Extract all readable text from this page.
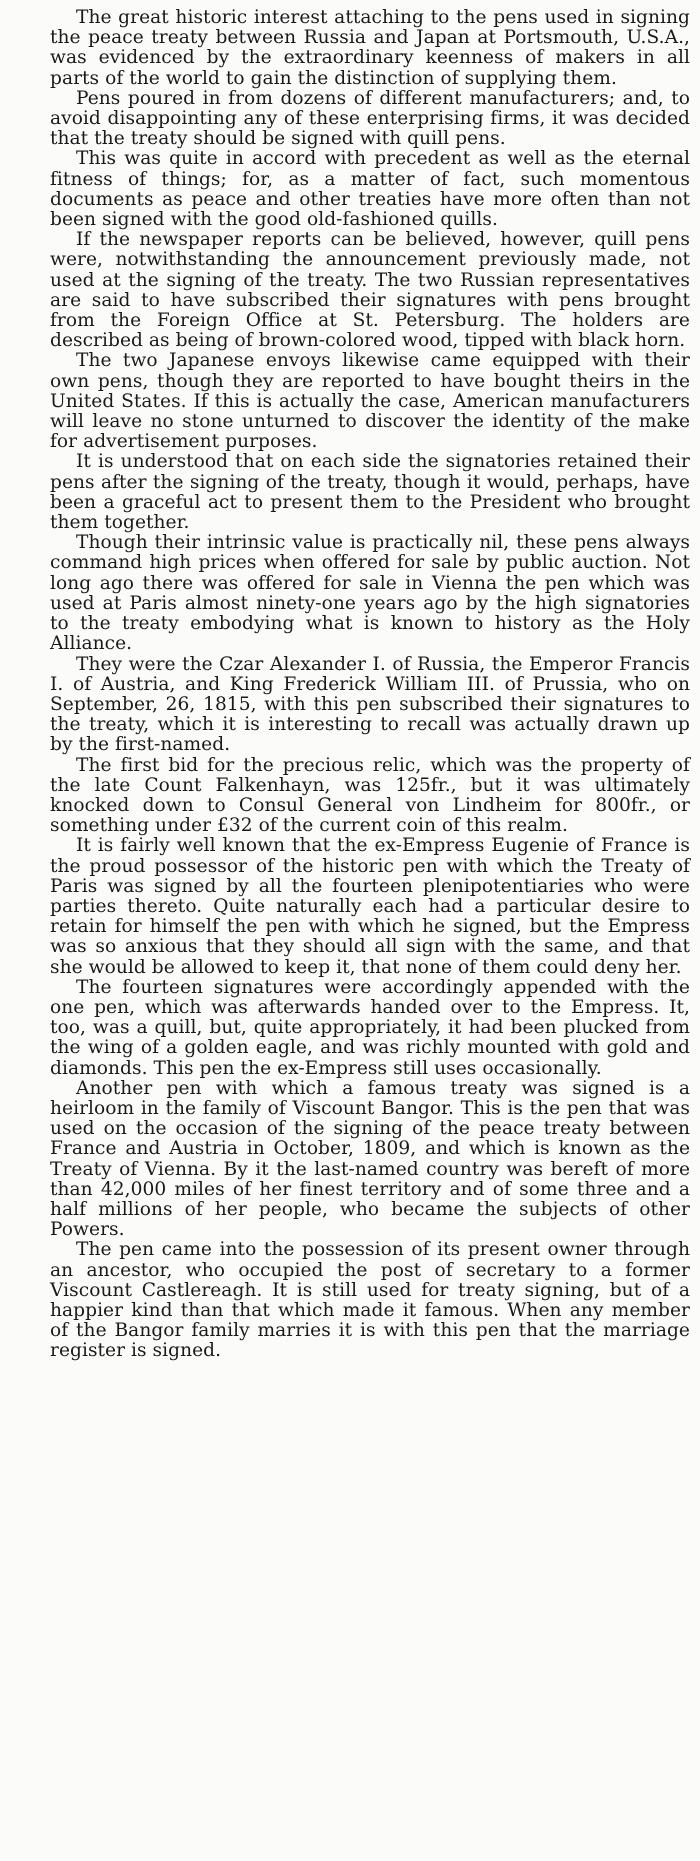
The great historic interest attaching to the pens used in signing the peace treaty between Russia and Japan at Portsmouth, U.S.A., was evidenced by the extraordinary keenness of makers in all parts of the world to gain the distinction of supplying them.

Pens poured in from dozens of different manufacturers; and, to avoid disappointing any of these enterprising firms, it was decided that the treaty should be signed with quill pens.

This was quite in accord with precedent as well as the eternal fitness of things; for, as a matter of fact, such momentous documents as peace and other treaties have more often than not been signed with the good old-fashioned quills.

If the newspaper reports can be believed, however, quill pens were, notwithstanding the announcement previously made, not used at the signing of the treaty. The two Russian representatives are said to have subscribed their signatures with pens brought from the Foreign Office at St. Petersburg. The holders are described as being of brown-colored wood, tipped with black horn.

The two Japanese envoys likewise came equipped with their own pens, though they are reported to have bought theirs in the United States. If this is actually the case, American manufacturers will leave no stone unturned to discover the identity of the make for advertisement purposes.

It is understood that on each side the signatories retained their pens after the signing of the treaty, though it would, perhaps, have been a graceful act to present them to the President who brought them together.

Though their intrinsic value is practically nil, these pens always command high prices when offered for sale by public auction. Not long ago there was offered for sale in Vienna the pen which was used at Paris almost ninety-one years ago by the high signatories to the treaty embodying what is known to history as the Holy Alliance.

They were the Czar Alexander I. of Russia, the Emperor Francis I. of Austria, and King Frederick William III. of Prussia, who on September, 26, 1815, with this pen subscribed their signatures to the treaty, which it is interesting to recall was actually drawn up by the first-named.

The first bid for the precious relic, which was the property of the late Count Falkenhayn, was 125fr., but it was ultimately knocked down to Consul General von Lindheim for 800fr., or something under £32 of the current coin of this realm.

It is fairly well known that the ex-Empress Eugenie of France is the proud possessor of the historic pen with which the Treaty of Paris was signed by all the fourteen plenipotentiaries who were parties thereto. Quite naturally each had a particular desire to retain for himself the pen with which he signed, but the Empress was so anxious that they should all sign with the same, and that she would be allowed to keep it, that none of them could deny her.

The fourteen signatures were accordingly appended with the one pen, which was afterwards handed over to the Empress. It, too, was a quill, but, quite appropriately, it had been plucked from the wing of a golden eagle, and was richly mounted with gold and diamonds. This pen the ex-Empress still uses occasionally.

Another pen with which a famous treaty was signed is a heirloom in the family of Viscount Bangor. This is the pen that was used on the occasion of the signing of the peace treaty between France and Austria in October, 1809, and which is known as the Treaty of Vienna. By it the last-named country was bereft of more than 42,000 miles of her finest territory and of some three and a half millions of her people, who became the subjects of other Powers.

The pen came into the possession of its present owner through an ancestor, who occupied the post of secretary to a former Viscount Castlereagh. It is still used for treaty signing, but of a happier kind than that which made it famous. When any member of the Bangor family marries it is with this pen that the marriage register is signed.
